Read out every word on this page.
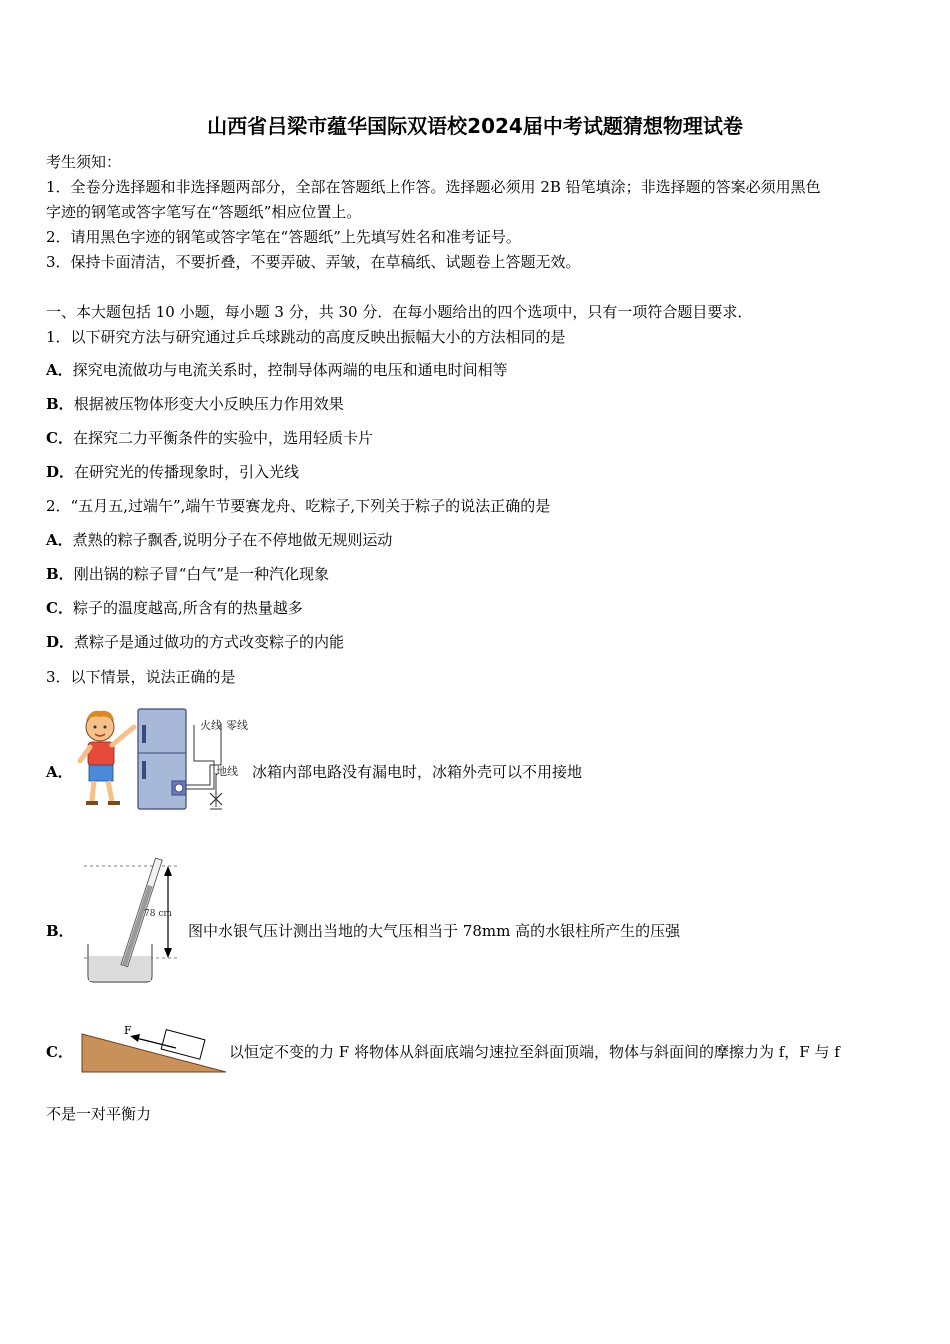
山西省吕梁市蕴华国际双语校2024届中考试题猜想物理试卷
考生须知：
1．全卷分选择题和非选择题两部分，全部在答题纸上作答。选择题必须用 2B 铅笔填涂；非选择题的答案必须用黑色
字迹的钢笔或答字笔写在“答题纸”相应位置上。
2．请用黑色字迹的钢笔或答字笔在“答题纸”上先填写姓名和准考证号。
3．保持卡面清洁，不要折叠，不要弄破、弄皱，在草稿纸、试题卷上答题无效。
一、本大题包括 10 小题，每小题 3 分，共 30 分．在每小题给出的四个选项中，只有一项符合题目要求．
1．以下研究方法与研究通过乒乓球跳动的高度反映出振幅大小的方法相同的是
A．探究电流做功与电流关系时，控制导体两端的电压和通电时间相等
B．根据被压物体形变大小反映压力作用效果
C．在探究二力平衡条件的实验中，选用轻质卡片
D．在研究光的传播现象时，引入光线
2．“五月五,过端午”,端午节要赛龙舟、吃粽子,下列关于粽子的说法正确的是
A．煮熟的粽子飘香,说明分子在不停地做无规则运动
B．刚出锅的粽子冒“白气”是一种汽化现象
C．粽子的温度越高,所含有的热量越多
D．煮粽子是通过做功的方式改变粽子的内能
3．以下情景，说法正确的是
A．
火线 零线
地线 冰箱内部电路没有漏电时，冰箱外壳可以不用接地
B．
78 cm
图中水银气压计测出当地的大气压相当于 78mm 高的水银柱所产生的压强
C．
F
以恒定不变的力 F 将物体从斜面底端匀速拉至斜面顶端，物体与斜面间的摩擦力为 f，F 与 f
不是一对平衡力
